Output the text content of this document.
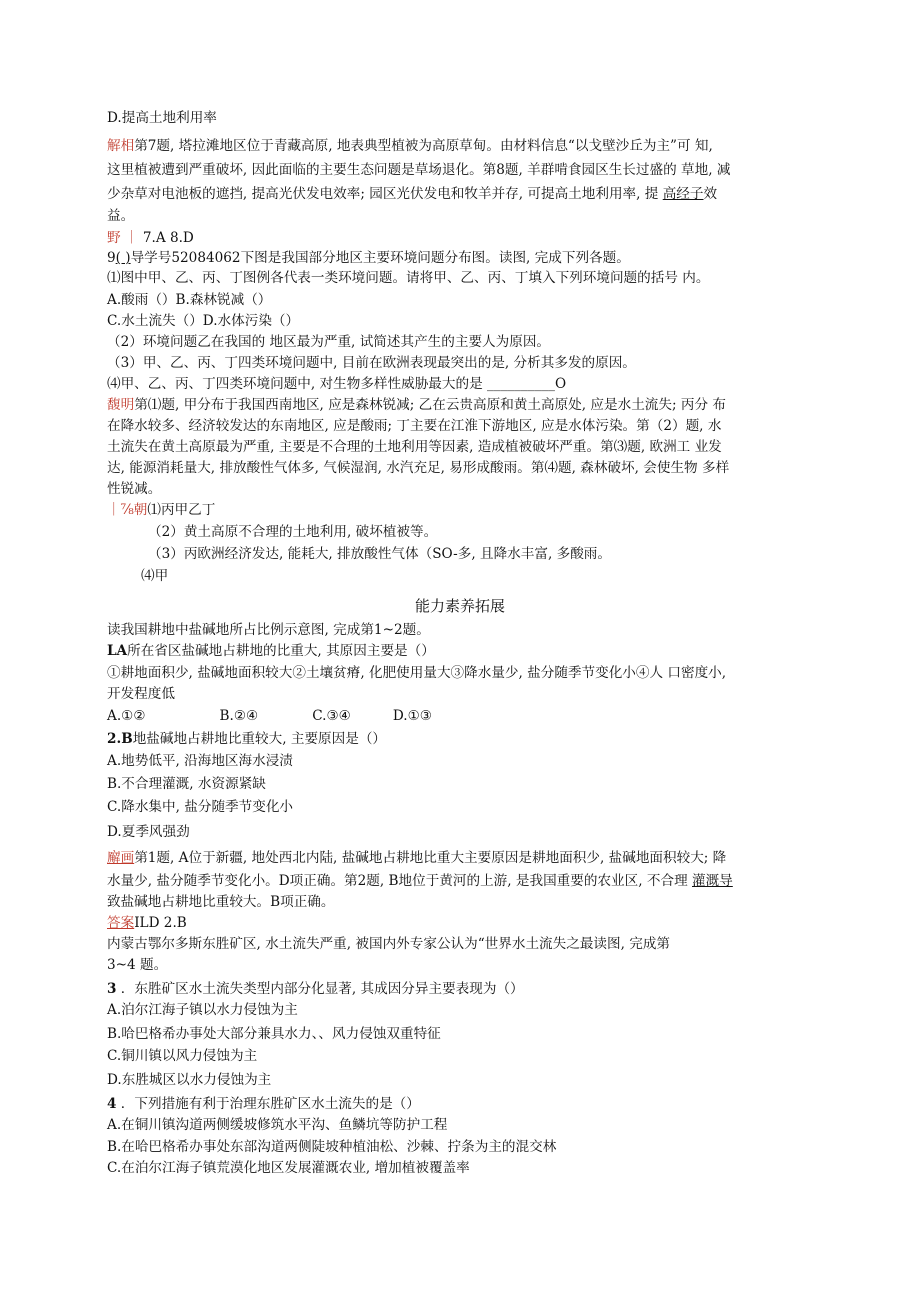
D.提高土地利用率
解相第7题, 塔拉滩地区位于青藏高原, 地表典型植被为高原草甸。由材料信息“以戈壁沙丘为主”可 知,
这里植被遭到严重破坏, 因此面临的主要生态问题是草场退化。第8题, 羊群啃食园区生长过盛的 草地, 减
少杂草对电池板的遮挡, 提高光伏发电效率; 园区光伏发电和牧羊并存, 可提高土地利用率, 提 高经子效
益。
野 ｜ 7.A 8.D
9( )导学号52084062下图是我国部分地区主要环境问题分布图。读图, 完成下列各题。
⑴图中甲、乙、丙、丁图例各代表一类环境问题。请将甲、乙、丙、丁填入下列环境问题的括号 内。
A.酸雨（）B.森林锐减（）
C.水土流失（）D.水体污染（）
（2）环境问题乙在我国的 地区最为严重, 试简述其产生的主要人为原因。
（3）甲、乙、丙、丁四类环境问题中, 目前在欧洲表现最突出的是, 分析其多发的原因。
⑷甲、乙、丙、丁四类环境问题中, 对生物多样性威胁最大的是 __________O
馥明第⑴题, 甲分布于我国西南地区, 应是森林锐减; 乙在云贵高原和黄土高原处, 应是水土流失; 丙分 布
在降水较多、经济较发达的东南地区, 应是酸雨; 丁主要在江淮下游地区, 应是水体污染。第（2）题, 水
土流失在黄土高原最为严重, 主要是不合理的土地利用等因素, 造成植被破坏严重。第⑶题, 欧洲工 业发
达, 能源消耗量大, 排放酸性气体多, 气候湿润, 水汽充足, 易形成酸雨。第⑷题, 森林破坏, 会使生物 多样
性锐减。
｜⅞朝⑴丙甲乙丁
（2）黄土高原不合理的土地利用, 破坏植被等。
（3）丙欧洲经济发达, 能耗大, 排放酸性气体（SO-多, 且降水丰富, 多酸雨。
⑷甲
能力素养拓展
读我国耕地中盐碱地所占比例示意图, 完成第1~2题。
LA所在省区盐碱地占耕地的比重大, 其原因主要是（）
①耕地面积少, 盐碱地面积较大②土壤贫瘠, 化肥使用量大③降水量少, 盐分随季节变化小④人 口密度小,
开发程度低
A.①②	B.②④	C.③④	D.①③
2.B地盐碱地占耕地比重较大, 主要原因是（）
A.地势低平, 沿海地区海水浸渍
B.不合理灌溉, 水资源紧缺
C.降水集中, 盐分随季节变化小
D.夏季风强劲
廨画第1题, A位于新疆, 地处西北内陆, 盐碱地占耕地比重大主要原因是耕地面积少, 盐碱地面积较大; 降
水量少, 盐分随季节变化小。D项正确。第2题, B地位于黄河的上游, 是我国重要的农业区, 不合理 灌溉导
致盐碱地占耕地比重较大。B项正确。
答案ILD 2.B
内蒙古鄂尔多斯东胜矿区, 水土流失严重, 被国内外专家公认为“世界水土流失之最读图, 完成第
3~4 题。
3 ．东胜矿区水土流失类型内部分化显著, 其成因分异主要表现为（）
A.泊尔江海子镇以水力侵蚀为主
B.哈巴格希办事处大部分兼具水力、、风力侵蚀双重特征
C.铜川镇以风力侵蚀为主
D.东胜城区以水力侵蚀为主
4 ．下列措施有利于治理东胜矿区水土流失的是（）
A.在铜川镇沟道两侧缓坡修筑水平沟、鱼鳞坑等防护工程
B.在哈巴格希办事处东部沟道两侧陡坡种植油松、沙棘、拧条为主的混交林
C.在泊尔江海子镇荒漠化地区发展灌溉农业, 增加植被覆盖率
